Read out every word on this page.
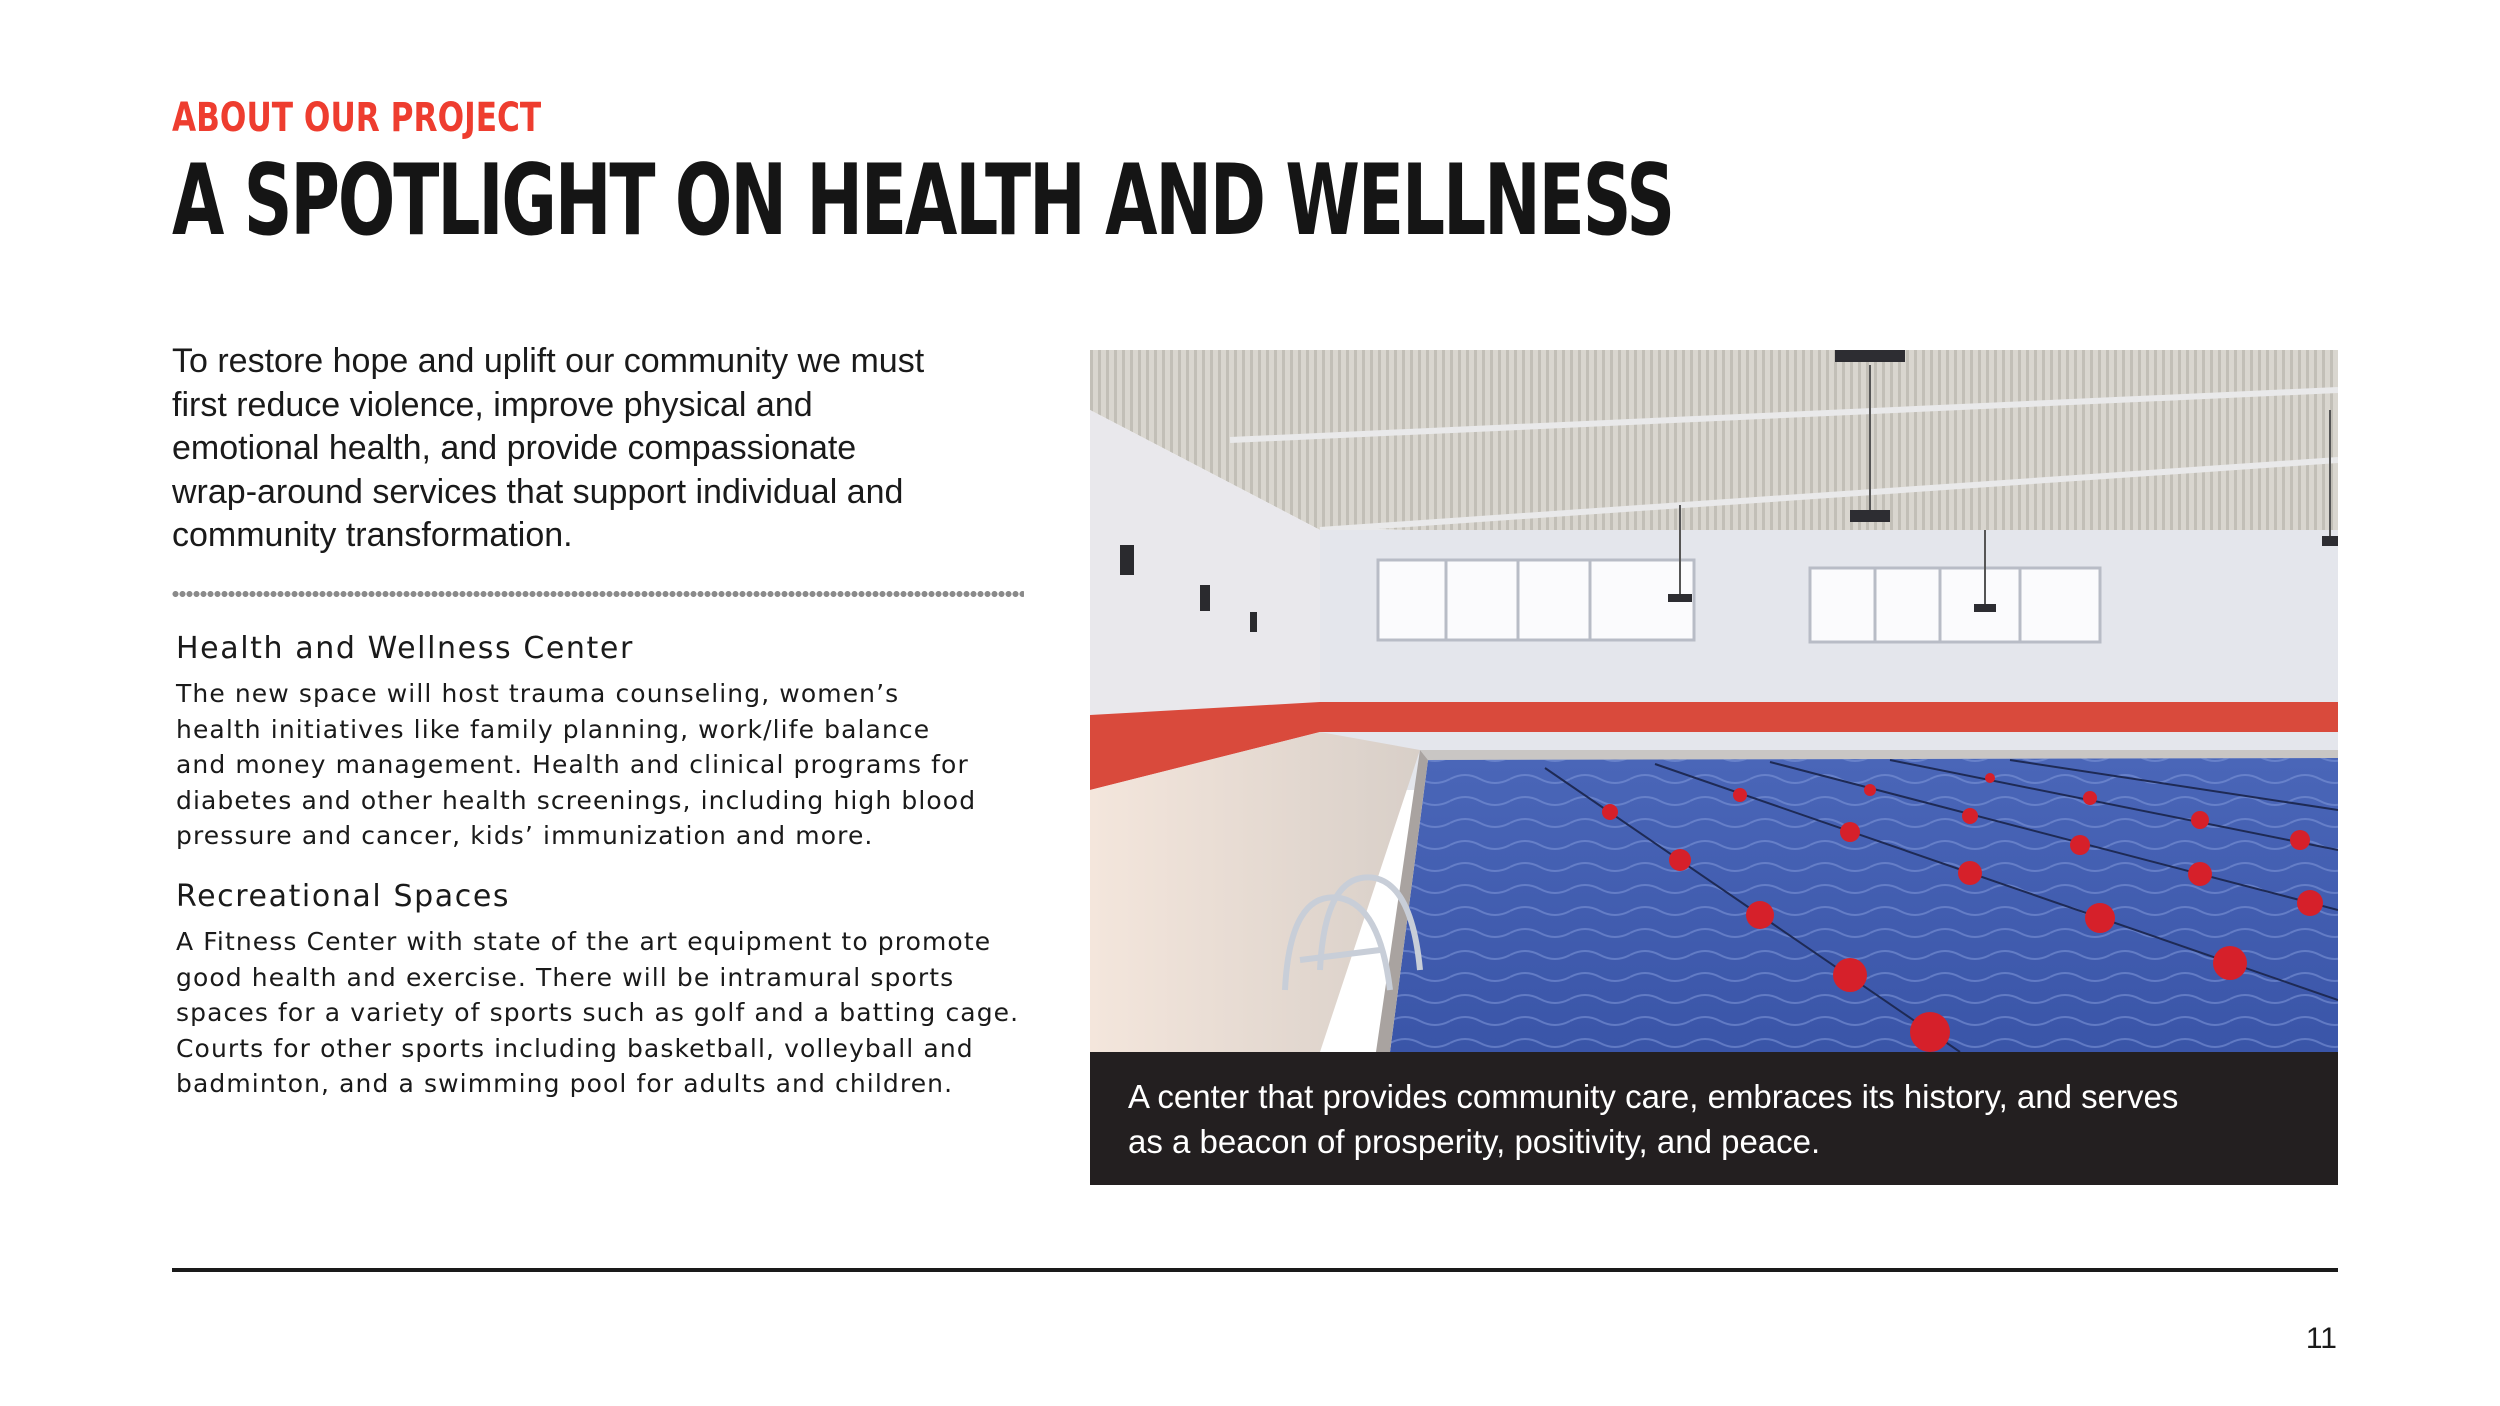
ABOUT OUR PROJECT
A SPOTLIGHT ON HEALTH AND WELLNESS
To restore hope and uplift our community we must
first reduce violence, improve physical and
emotional health, and provide compassionate
wrap-around services that support individual and
community transformation.
Health and Wellness Center
The new space will host trauma counseling, women’s
health initiatives like family planning, work/life balance
and money management. Health and clinical programs for
diabetes and other health screenings, including high blood
pressure and cancer, kids’ immunization and more.
Recreational Spaces
A Fitness Center with state of the art equipment to promote
good health and exercise. There will be intramural sports
spaces for a variety of sports such as golf and a batting cage.
Courts for other sports including basketball, volleyball and
badminton, and a swimming pool for adults and children.	A center that provides community care, embraces its history, and serves
as a beacon of prosperity, positivity, and peace.
11
